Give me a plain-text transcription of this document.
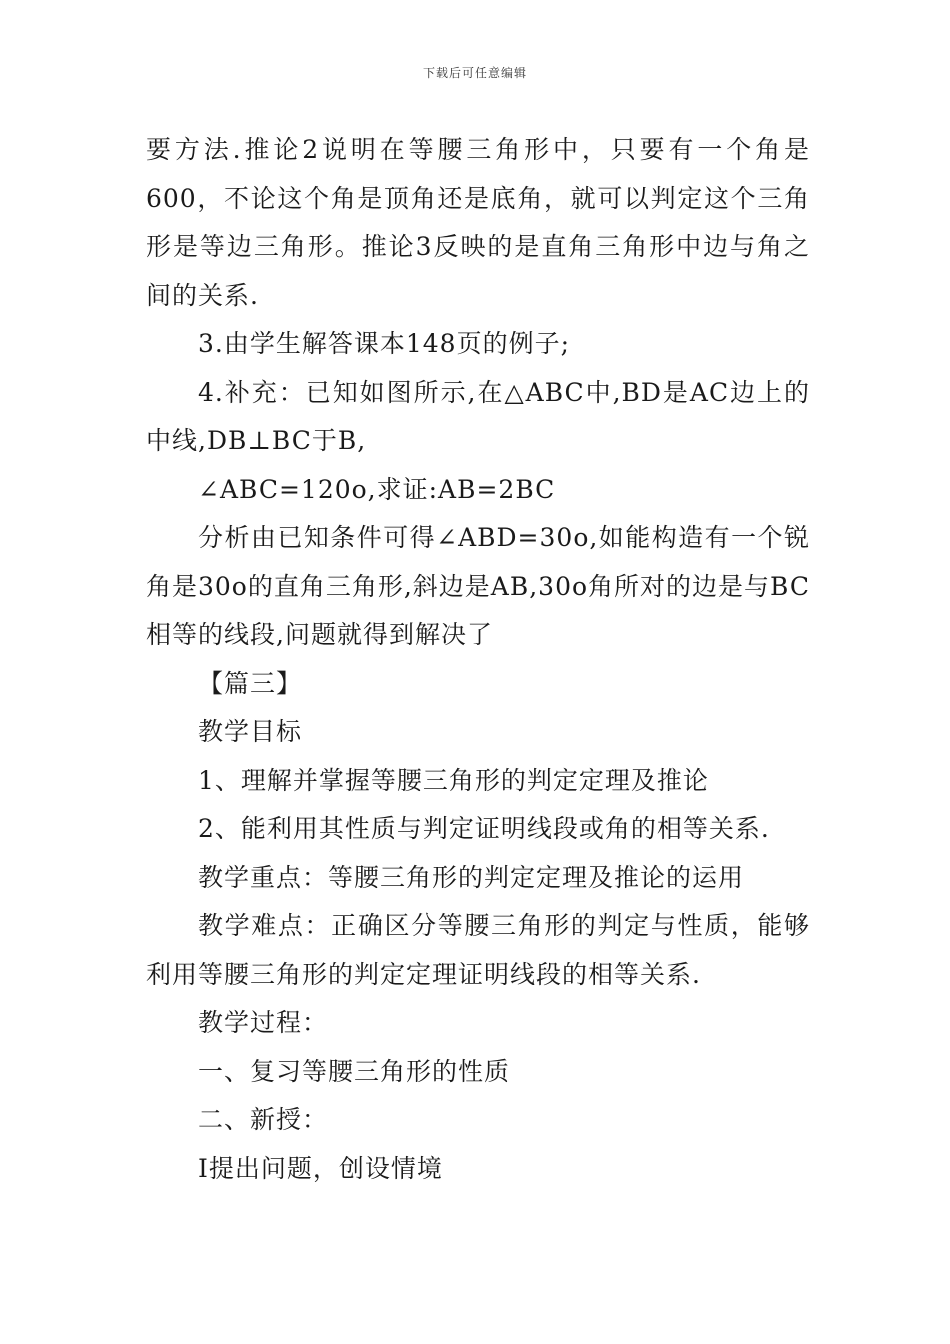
下载后可任意编辑

要方法.推论2说明在等腰三角形中，只要有一个角是600，不论这个角是顶角还是底角，就可以判定这个三角形是等边三角形。推论3反映的是直角三角形中边与角之间的关系.

3.由学生解答课本148页的例子;

4.补充：已知如图所示,在△ABC中,BD是AC边上的中线,DB⊥BC于B,

∠ABC=120o,求证:AB=2BC

分析由已知条件可得∠ABD=30o,如能构造有一个锐角是30o的直角三角形,斜边是AB,30o角所对的边是与BC相等的线段,问题就得到解决了

【篇三】

教学目标

1、理解并掌握等腰三角形的判定定理及推论

2、能利用其性质与判定证明线段或角的相等关系.

教学重点：等腰三角形的判定定理及推论的运用

教学难点：正确区分等腰三角形的判定与性质，能够利用等腰三角形的判定定理证明线段的相等关系.

教学过程：

一、复习等腰三角形的性质

二、新授：

I提出问题，创设情境
